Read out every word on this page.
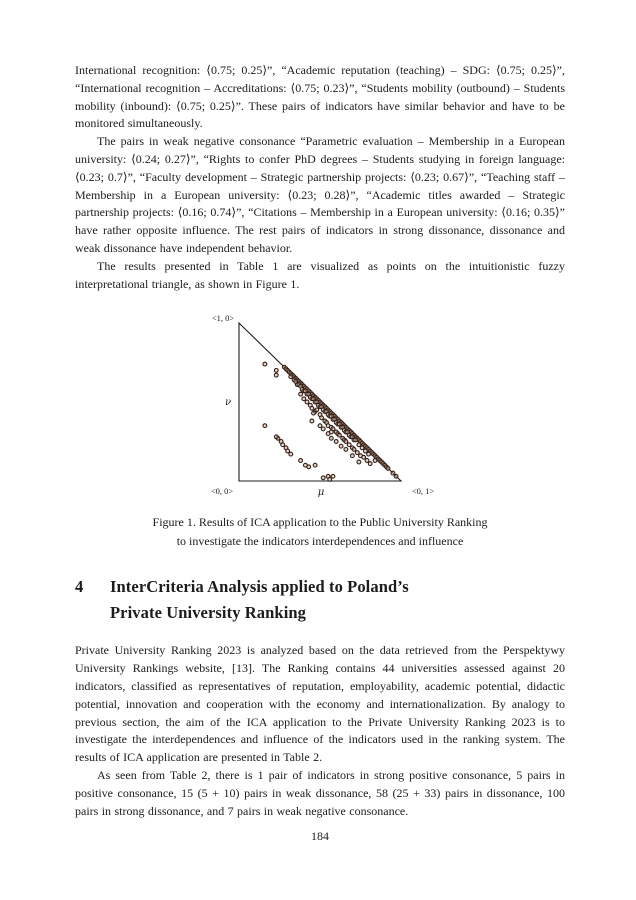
International recognition: ⟨0.75; 0.25⟩”, “Academic reputation (teaching) – SDG: ⟨0.75; 0.25⟩”, “International recognition – Accreditations: ⟨0.75; 0.23⟩”, “Students mobility (outbound) – Students mobility (inbound): ⟨0.75; 0.25⟩”. These pairs of indicators have similar behavior and have to be monitored simultaneously.

The pairs in weak negative consonance “Parametric evaluation – Membership in a European university: ⟨0.24; 0.27⟩”, “Rights to confer PhD degrees – Students studying in foreign language: ⟨0.23; 0.7⟩”, “Faculty development – Strategic partnership projects: ⟨0.23; 0.67⟩”, “Teaching staff – Membership in a European university: ⟨0.23; 0.28⟩”, “Academic titles awarded – Strategic partnership projects: ⟨0.16; 0.74⟩”, “Citations – Membership in a European university: ⟨0.16; 0.35⟩” have rather opposite influence. The rest pairs of indicators in strong dissonance, dissonance and weak dissonance have independent behavior.

The results presented in Table 1 are visualized as points on the intuitionistic fuzzy interpretational triangle, as shown in Figure 1.

<1, 0>
<0, 0>	<0, 1>
ν
μ
Figure 1. Results of ICA application to the Public University Ranking
to investigate the indicators interdependences and influence
4 InterCriteria Analysis applied to Poland’s
Private University Ranking

Private University Ranking 2023 is analyzed based on the data retrieved from the Perspektywy University Rankings website, [13]. The Ranking contains 44 universities assessed against 20 indicators, classified as representatives of reputation, employability, academic potential, didactic potential, innovation and cooperation with the economy and internationalization. By analogy to previous section, the aim of the ICA application to the Private University Ranking 2023 is to investigate the interdependences and influence of the indicators used in the ranking system. The results of ICA application are presented in Table 2.

As seen from Table 2, there is 1 pair of indicators in strong positive consonance, 5 pairs in positive consonance, 15 (5 + 10) pairs in weak dissonance, 58 (25 + 33) pairs in dissonance, 100 pairs in strong dissonance, and 7 pairs in weak negative consonance.

184
